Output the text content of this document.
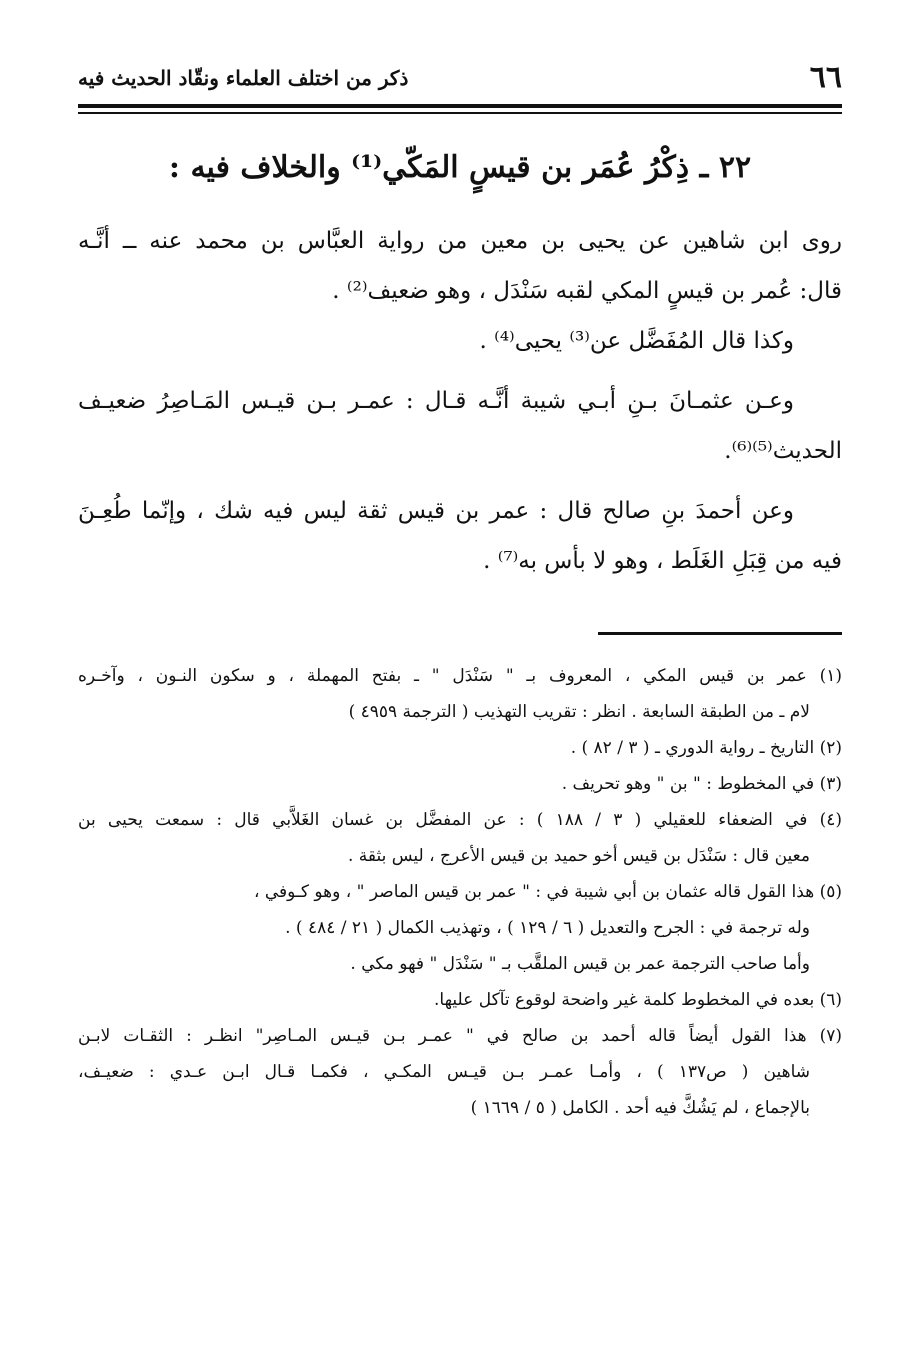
٦٦
ذكر من اختلف العلماء ونقّاد الحديث فيه
٢٢ ـ ذِكْرُ عُمَر بن قيسٍ المَكّي⁽¹⁾ والخلاف فيه :
روى ابن شاهين عن يحيى بن معين من رواية العبَّاس بن محمد عنه ــ أنَّـه
قال: عُمر بن قيسٍ المكي لقبه سَنْدَل ، وهو ضعيف⁽²⁾ .
وكذا قال المُفَضَّل عن⁽³⁾ يحيى⁽⁴⁾ .
وعـن عثمـانَ بـنِ أبـي شيبة أنَّـه قـال : عمـر بـن قيـس المَـاصِرُ ضعيـف
الحديث⁽⁵⁾⁽⁶⁾.
وعن أحمدَ بنِ صالح قال : عمر بن قيس ثقة ليس فيه شك ، وإنّما طُعِـنَ
فيه من قِبَلِ الغَلَط ، وهو لا بأس به⁽⁷⁾ .
(١) عمر بن قيس المكي ، المعروف بـ " سَنْدَل " ـ بفتح المهملة ، و سكون النـون ، وآخـره
لام ـ من الطبقة السابعة . انظر : تقريب التهذيب ( الترجمة ٤٩٥٩ )
(٢) التاريخ ـ رواية الدوري ـ ( ٣ / ٨٢ ) .
(٣) في المخطوط : " بن " وهو تحريف .
(٤) في الضعفاء للعقيلي ( ٣ / ١٨٨ ) : عن المفضَّل بن غسان الغَلاَّبي قال : سمعت يحيى بن
معين قال : سَنْدَل بن قيس أخو حميد بن قيس الأعرج ، ليس بثقة .
(٥) هذا القول قاله عثمان بن أبي شيبة في : " عمر بن قيس الماصر " ، وهو كـوفي ،
وله ترجمة في : الجرح والتعديل ( ٦ / ١٢٩ ) ، وتهذيب الكمال ( ٢١ / ٤٨٤ ) .
وأما صاحب الترجمة عمر بن قيس الملقَّب بـ " سَنْدَل " فهو مكي .
(٦) بعده في المخطوط كلمة غير واضحة لوقوع تآكل عليها.
(٧) هذا القول أيضاً قاله أحمد بن صالح في " عمـر بـن قيـس المـاصِر" انظـر : الثقـات لابـن
شاهين ( ص١٣٧ ) ، وأمـا عمـر بـن قيـس المكـي ، فكمـا قـال ابـن عـدي : ضعيـف،
بالإجماع ، لم يَشُكَّ فيه أحد . الكامل ( ٥ / ١٦٦٩ )
